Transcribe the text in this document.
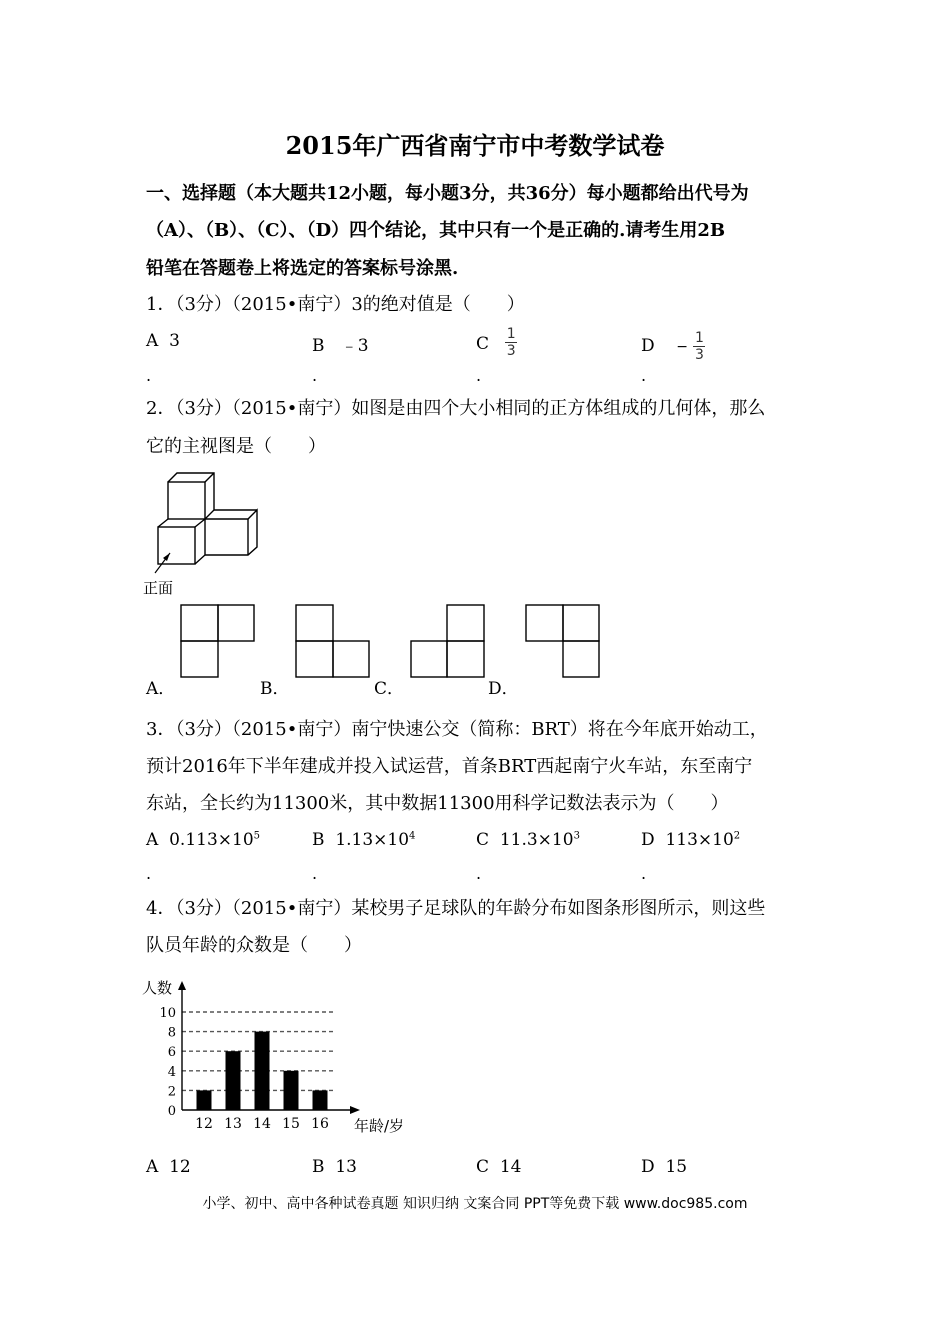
2015年广西省南宁市中考数学试卷
一、选择题（本大题共12小题，每小题3分，共36分）每小题都给出代号为
（A）、（B）、（C）、（D）四个结论，其中只有一个是正确的.请考生用2B
铅笔在答题卷上将选定的答案标号涂黑.
1．（3分）（2015•南宁）3的绝对值是（　　）
A 3	B ﹣3	C $\frac{1}{3}$	$D - \frac{1}{3}$
.	.	.	.
2．（3分）（2015•南宁）如图是由四个大小相同的正方体组成的几何体，那么
它的主视图是（　　）
正面
A．	B．	C．	D．
3．（3分）（2015•南宁）南宁快速公交（简称：BRT）将在今年底开始动工，
预计2016年下半年建成并投入试运营，首条BRT西起南宁火车站，东至南宁
东站，全长约为11300米，其中数据11300用科学记数法表示为（　　）
A $0.113\times 10^5$	B $1.13\times 10^4$	C $11.3\times 10^3$	D $113\times 10^2$
.	.	.	.
4．（3分）（2015•南宁）某校男子足球队的年龄分布如图条形图所示，则这些
队员年龄的众数是（　　）
人数
年龄/岁
0
2
4
6
8
10
12 13 14 15 16
A 12	B 13	C 14	D 15
小学、初中、高中各种试卷真题 知识归纳 文案合同 PPT等免费下载 www.doc985.com
